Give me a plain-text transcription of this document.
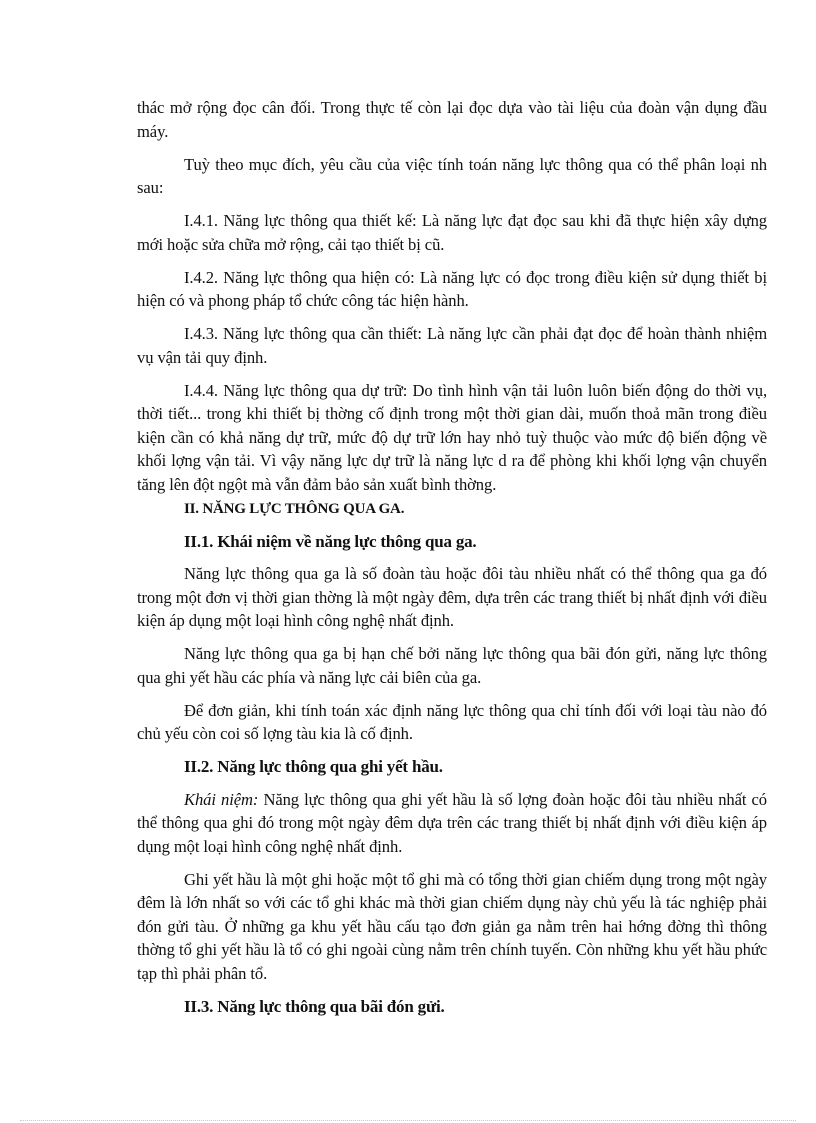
thác mở rộng đọc cân đối. Trong thực tế còn lại đọc dựa vào tài liệu của đoàn vận dụng đầu máy.

Tuỳ theo mục đích, yêu cầu của việc tính toán năng lực thông qua có thể phân loại nh sau:

I.4.1. Năng lực thông qua thiết kế: Là năng lực đạt đọc sau khi đã thực hiện xây dựng mới hoặc sửa chữa mở rộng, cải tạo thiết bị cũ.

I.4.2. Năng lực thông qua hiện có: Là năng lực có đọc trong điều kiện sử dụng thiết bị hiện có và phong pháp tổ chức công tác hiện hành.

I.4.3. Năng lực thông qua cần thiết: Là năng lực cần phải đạt đọc để hoàn thành nhiệm vụ vận tải quy định.

I.4.4. Năng lực thông qua dự trữ: Do tình hình vận tải luôn luôn biến động do thời vụ, thời tiết... trong khi thiết bị thờng cố định trong một thời gian dài, muốn thoả mãn trong điều kiện cần có khả năng dự trữ, mức độ dự trữ lớn hay nhỏ tuỳ thuộc vào mức độ biến động về khối lợng vận tải. Vì vậy năng lực dự trữ là năng lực d ra để phòng khi khối lợng vận chuyển tăng lên đột ngột mà vẫn đảm bảo sản xuất bình thờng.

II. NĂNG LỰC THÔNG QUA GA.
II.1. Khái niệm về năng lực thông qua ga.

Năng lực thông qua ga là số đoàn tàu hoặc đôi tàu nhiều nhất có thể thông qua ga đó trong một đơn vị thời gian thờng là một ngày đêm, dựa trên các trang thiết bị nhất định với điều kiện áp dụng một loại hình công nghệ nhất định.

Năng lực thông qua ga bị hạn chế bởi năng lực thông qua bãi đón gửi, năng lực thông qua ghi yết hầu các phía và năng lực cải biên của ga.

Để đơn giản, khi tính toán xác định năng lực thông qua chỉ tính đối với loại tàu nào đó chủ yếu còn coi số lợng tàu kia là cố định.

II.2. Năng lực thông qua ghi yết hầu.

Khái niệm: Năng lực thông qua ghi yết hầu là số lợng đoàn hoặc đôi tàu nhiều nhất có thể thông qua ghi đó trong một ngày đêm dựa trên các trang thiết bị nhất định với điều kiện áp dụng một loại hình công nghệ nhất định.

Ghi yết hầu là một ghi hoặc một tổ ghi mà có tổng thời gian chiếm dụng trong một ngày đêm là lớn nhất so với các tổ ghi khác mà thời gian chiếm dụng này chủ yếu là tác nghiệp phải đón gửi tàu. Ở những ga khu yết hầu cấu tạo đơn giản ga nằm trên hai hớng đờng thì thông thờng tổ ghi yết hầu là tổ có ghi ngoài cùng nằm trên chính tuyến. Còn những khu yết hầu phức tạp thì phải phân tổ.

II.3. Năng lực thông qua bãi đón gửi.
